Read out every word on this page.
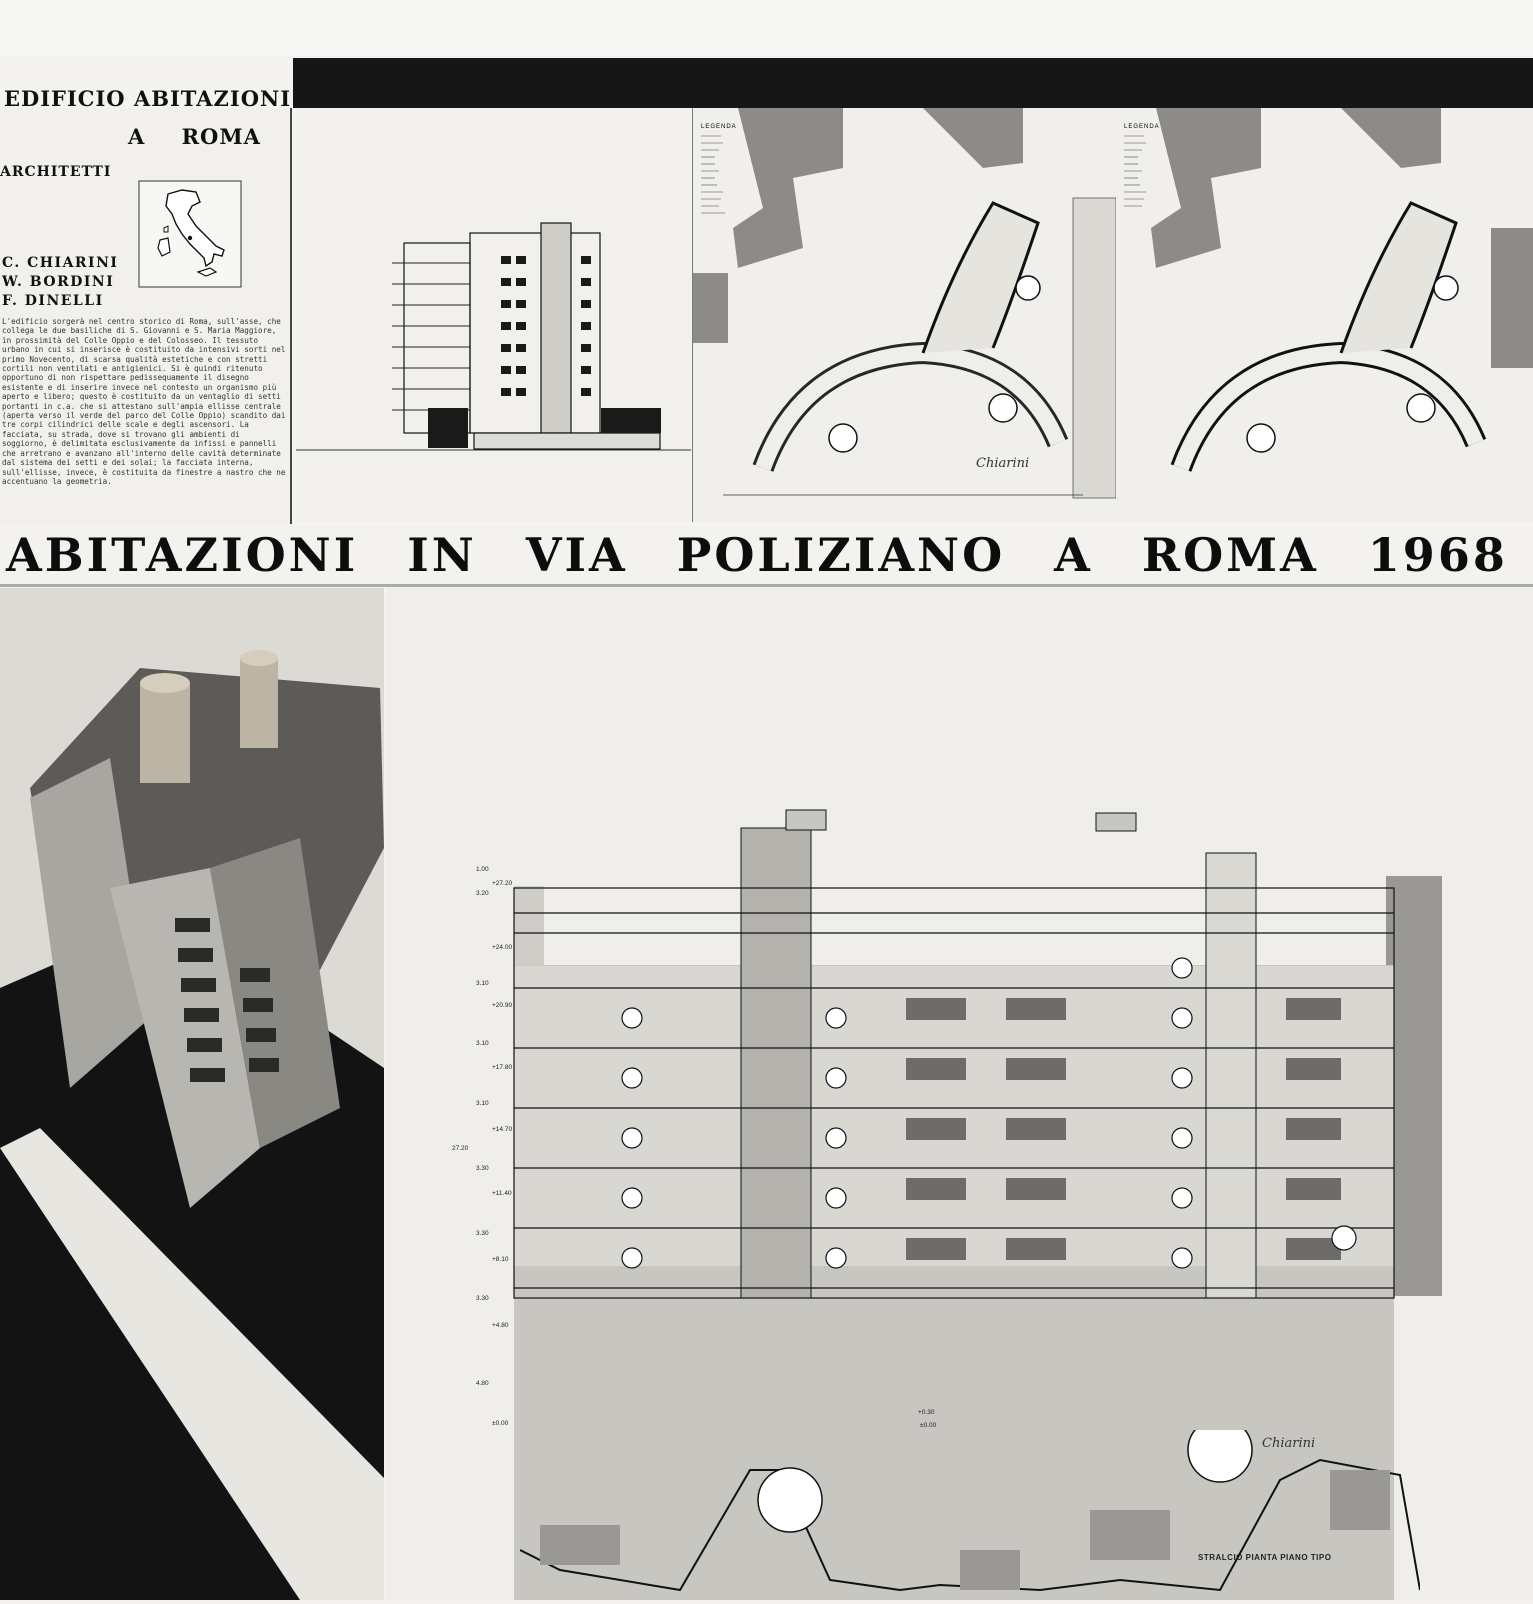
EDIFICIO ABITAZIONI
A ROMA
ARCHITETTI
C. CHIARINI
W. BORDINI
F. DINELLI
L'edificio sorgerà nel centro storico di Roma, sull'asse, che collega le due basiliche di S. Giovanni e S. Maria Maggiore, in prossimità del Colle Oppio e del Colosseo. Il tessuto urbano in cui si inserisce è costituito da intensivi sorti nel primo Novecento, di scarsa qualità estetiche e con stretti cortili non ventilati e antigienici. Si è quindi ritenuto opportuno di non rispettare pedissequamente il disegno esistente e di inserire invece nel contesto un organismo più aperto e libero; questo è costituito da un ventaglio di setti portanti in c.a. che si attestano sull'ampia ellisse centrale (aperta verso il verde del parco del Colle Oppio) scandito dai tre corpi cilindrici delle scale e degli ascensori. La facciata, su strada, dove si trovano gli ambienti di soggiorno, è delimitata esclusivamente da infissi e pannelli che arretrano e avanzano all'interno delle cavità determinate dal sistema dei setti e dei solai; la facciata interna, sull'ellisse, invece, è costituita da finestre a nastro che ne accentuano la geometria.
LEGENDA	LEGENDA
ABITAZIONI IN VIA POLIZIANO A ROMA 1968
+27.20
+24.00
+20.90
+17.80
+14.70
+11.40
+8.10
+4.80
±0.00
27.20
+0.30
±0.00
3.20
3.10
3.10
3.10
3.30
3.30
3.30
4.80
1.00
STRALCIO PIANTA PIANO TIPO
Chiarini
Chiarini
